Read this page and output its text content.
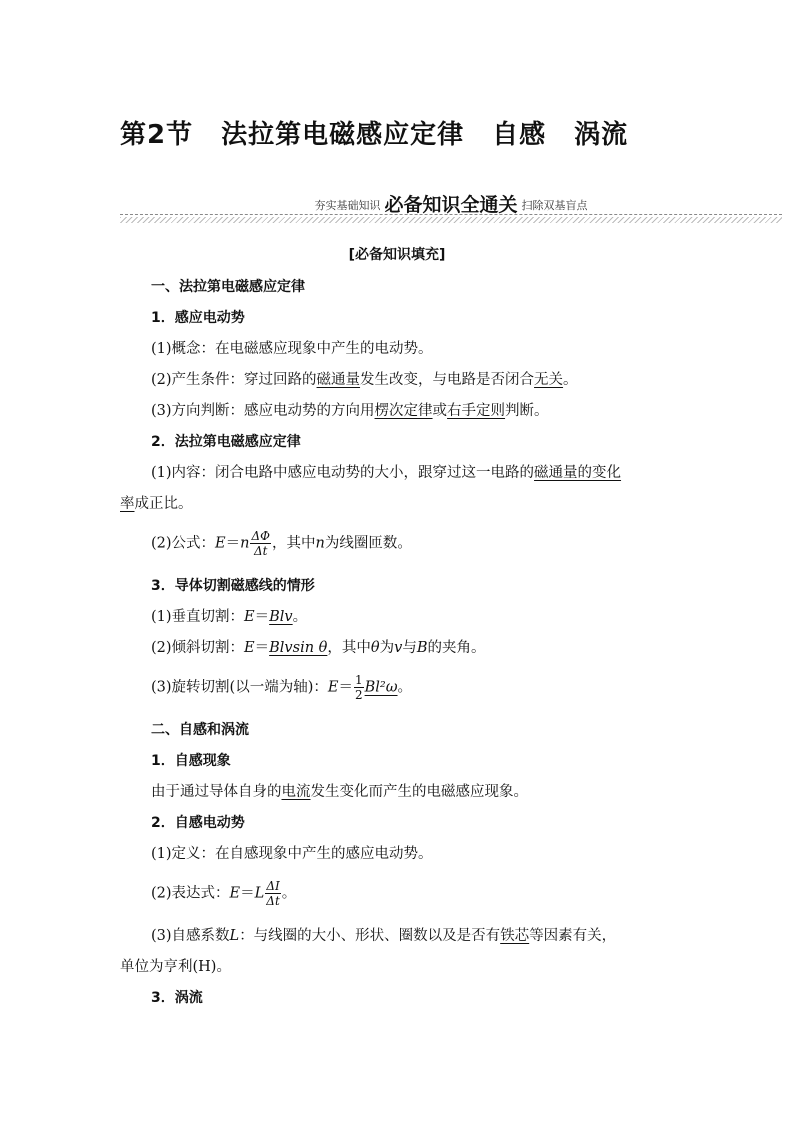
第2节 法拉第电磁感应定律 自感 涡流
夯实基础知识 必备知识全通关 扫除双基盲点
[必备知识填充]
一、法拉第电磁感应定律
1．感应电动势
(1)概念：在电磁感应现象中产生的电动势。
(2)产生条件：穿过回路的磁通量发生改变，与电路是否闭合无关。
(3)方向判断：感应电动势的方向用楞次定律或右手定则判断。
2．法拉第电磁感应定律
(1)内容：闭合电路中感应电动势的大小，跟穿过这一电路的磁通量的变化
率成正比。
(2)公式：$E=n \frac{\Delta\Phi}{\Delta t}$ ，其中n为线圈匝数。
3．导体切割磁感线的情形
(1)垂直切割：E＝Blv。
(2)倾斜切割：E＝Blvsin θ，其中θ为v与B的夹角。
(3)旋转切割(以一端为轴)：$E= \frac{1}{2} Bl^2\omega$。
二、自感和涡流
1．自感现象
由于通过导体自身的电流发生变化而产生的电磁感应现象。
2．自感电动势
(1)定义：在自感现象中产生的感应电动势。
(2)表达式：$E=L \frac{\Delta I}{\Delta t}$ 。
(3)自感系数L：与线圈的大小、形状、圈数以及是否有铁芯等因素有关，
单位为亨利(H)。
3．涡流
